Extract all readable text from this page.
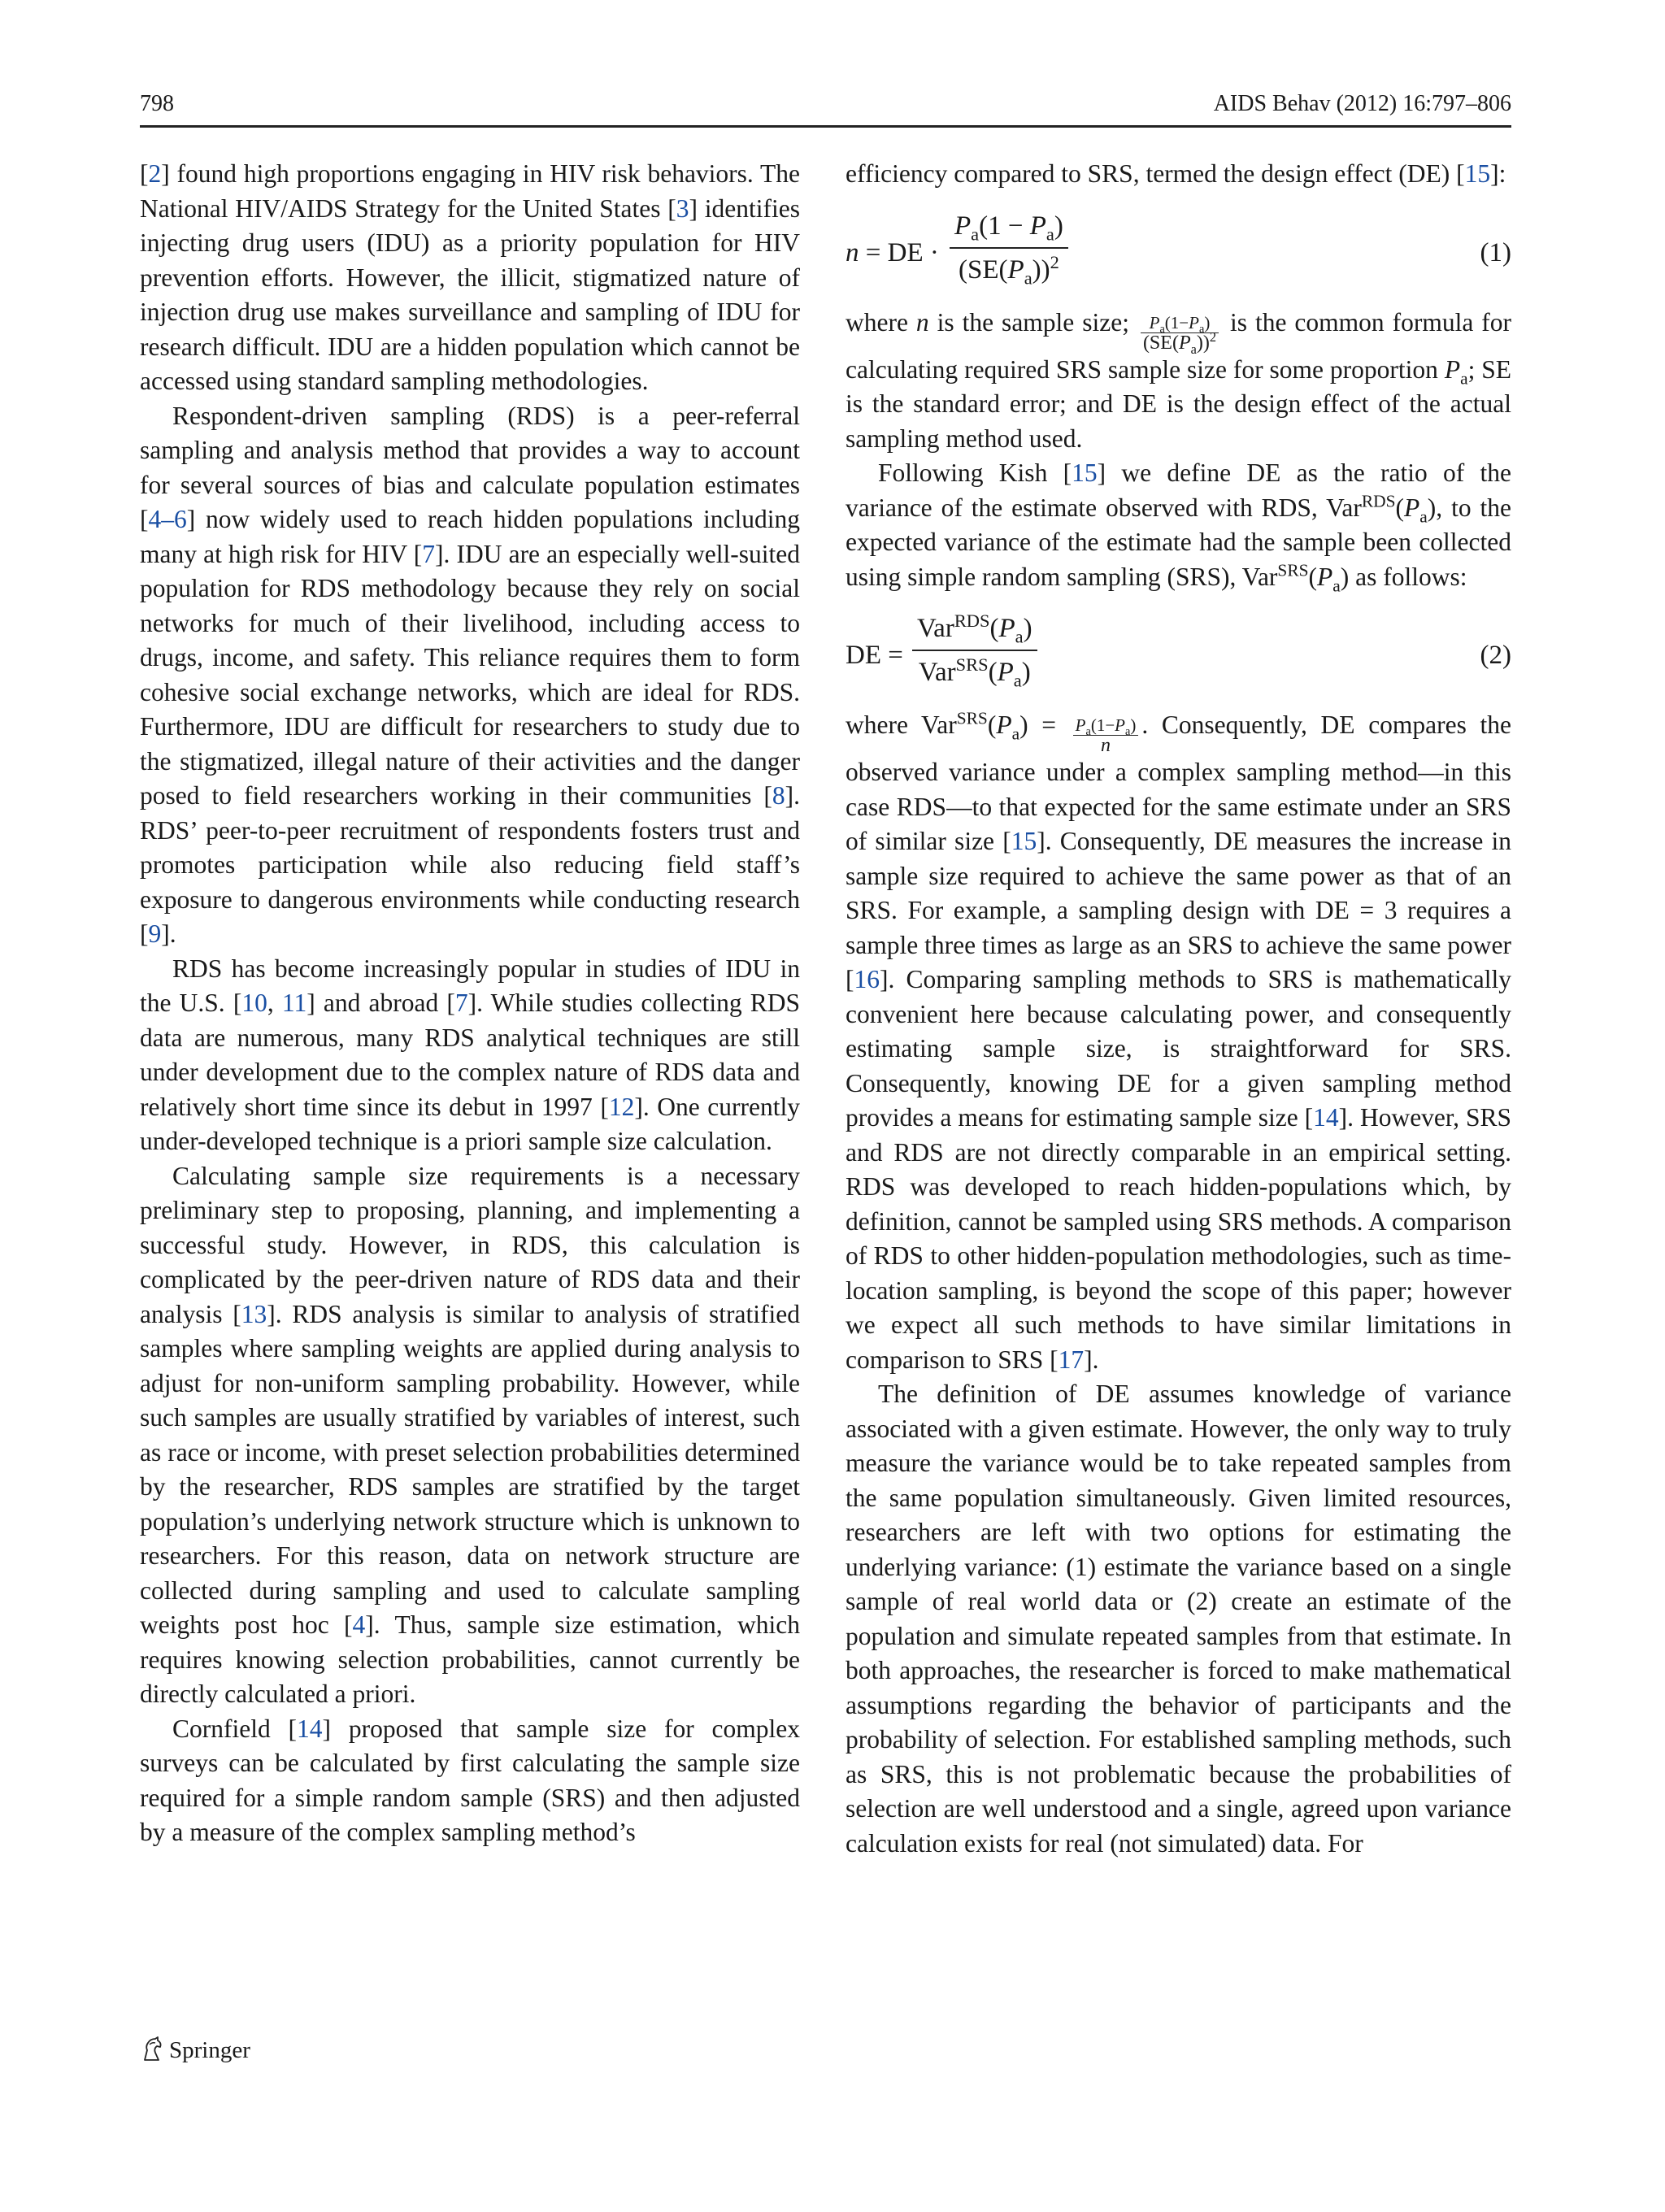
798	AIDS Behav (2012) 16:797–806

[2] found high proportions engaging in HIV risk behaviors. The National HIV/AIDS Strategy for the United States [3] identifies injecting drug users (IDU) as a priority population for HIV prevention efforts. However, the illicit, stigmatized nature of injection drug use makes surveillance and sampling of IDU for research difficult. IDU are a hidden population which cannot be accessed using standard sampling methodologies.

Respondent-driven sampling (RDS) is a peer-referral sampling and analysis method that provides a way to account for several sources of bias and calculate population estimates [4–6] now widely used to reach hidden populations including many at high risk for HIV [7]. IDU are an especially well-suited population for RDS methodology because they rely on social networks for much of their livelihood, including access to drugs, income, and safety. This reliance requires them to form cohesive social exchange networks, which are ideal for RDS. Furthermore, IDU are difficult for researchers to study due to the stigmatized, illegal nature of their activities and the danger posed to field researchers working in their communities [8]. RDS’ peer-to-peer recruitment of respondents fosters trust and promotes participation while also reducing field staff’s exposure to dangerous environments while conducting research [9].

RDS has become increasingly popular in studies of IDU in the U.S. [10, 11] and abroad [7]. While studies collecting RDS data are numerous, many RDS analytical techniques are still under development due to the complex nature of RDS data and relatively short time since its debut in 1997 [12]. One currently under-developed technique is a priori sample size calculation.

Calculating sample size requirements is a necessary preliminary step to proposing, planning, and implementing a successful study. However, in RDS, this calculation is complicated by the peer-driven nature of RDS data and their analysis [13]. RDS analysis is similar to analysis of stratified samples where sampling weights are applied during analysis to adjust for non-uniform sampling probability. However, while such samples are usually stratified by variables of interest, such as race or income, with preset selection probabilities determined by the researcher, RDS samples are stratified by the target population’s underlying network structure which is unknown to researchers. For this reason, data on network structure are collected during sampling and used to calculate sampling weights post hoc [4]. Thus, sample size estimation, which requires knowing selection probabilities, cannot currently be directly calculated a priori.

Cornfield [14] proposed that sample size for complex surveys can be calculated by first calculating the sample size required for a simple random sample (SRS) and then adjusted by a measure of the complex sampling method’s

efficiency compared to SRS, termed the design effect (DE) [15]:

n = DE · $\frac{P_a(1 - P_a)}{(SE(P_a))^2}$	(1)

where n is the sample size; $\frac{P_a(1-P_a)}{(SE(P_a))^2}$ is the common formula for calculating required SRS sample size for some proportion $P_a$; SE is the standard error; and DE is the design effect of the actual sampling method used.

Following Kish [15] we define DE as the ratio of the variance of the estimate observed with RDS, $Var^{RDS}(P_a)$, to the expected variance of the estimate had the sample been collected using simple random sampling (SRS), $Var^{SRS}(P_a)$ as follows:

DE =
$Var^{RDS}(P_a)$
$Var^{SRS}(P_a)$
(2)

where $Var^{SRS}(P_a) = \frac{P_a(1-P_a)}{n}$ . Consequently, DE compares the observed variance under a complex sampling method—in this case RDS—to that expected for the same estimate under an SRS of similar size [15]. Consequently, DE measures the increase in sample size required to achieve the same power as that of an SRS. For example, a sampling design with DE = 3 requires a sample three times as large as an SRS to achieve the same power [16]. Comparing sampling methods to SRS is mathematically convenient here because calculating power, and consequently estimating sample size, is straightforward for SRS. Consequently, knowing DE for a given sampling method provides a means for estimating sample size [14]. However, SRS and RDS are not directly comparable in an empirical setting. RDS was developed to reach hidden-populations which, by definition, cannot be sampled using SRS methods. A comparison of RDS to other hidden-population methodologies, such as time-location sampling, is beyond the scope of this paper; however we expect all such methods to have similar limitations in comparison to SRS [17].

The definition of DE assumes knowledge of variance associated with a given estimate. However, the only way to truly measure the variance would be to take repeated samples from the same population simultaneously. Given limited resources, researchers are left with two options for estimating the underlying variance: (1) estimate the variance based on a single sample of real world data or (2) create an estimate of the population and simulate repeated samples from that estimate. In both approaches, the researcher is forced to make mathematical assumptions regarding the behavior of participants and the probability of selection. For established sampling methods, such as SRS, this is not problematic because the probabilities of selection are well understood and a single, agreed upon variance calculation exists for real (not simulated) data. For

Springer
